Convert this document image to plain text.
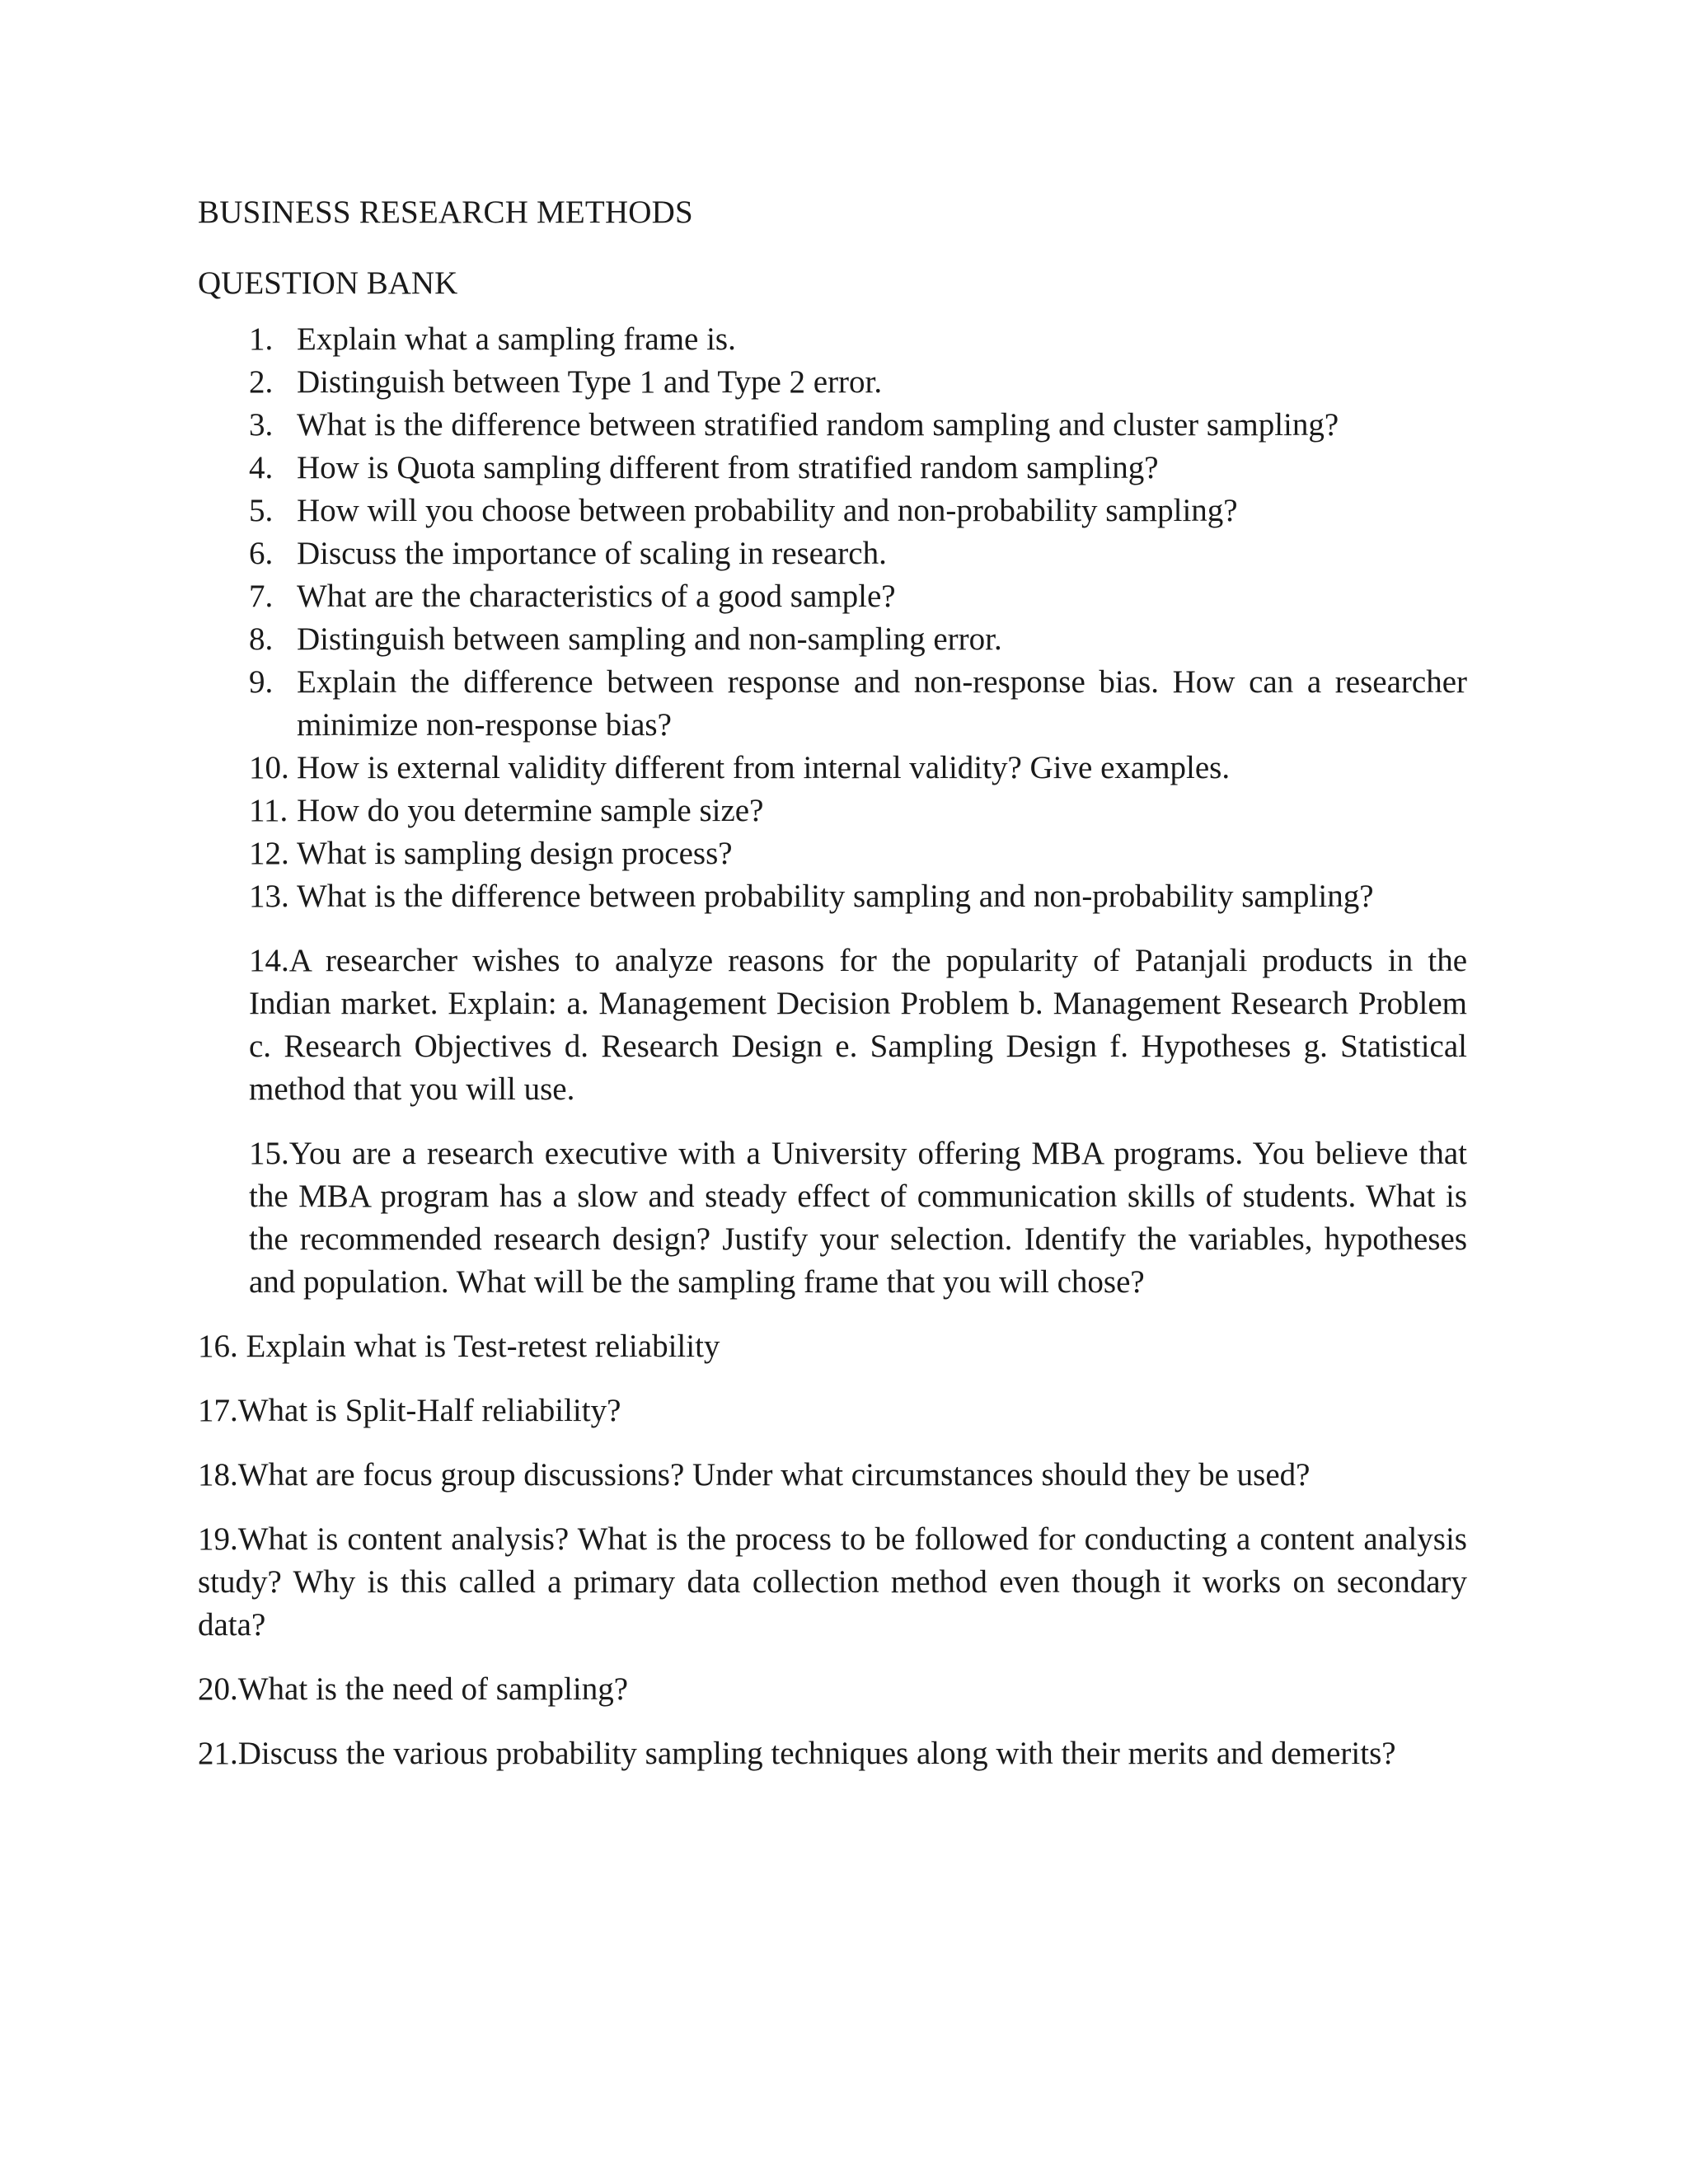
BUSINESS RESEARCH METHODS
QUESTION BANK
1. Explain what a sampling frame is.
2. Distinguish between Type 1 and Type 2 error.
3. What is the difference between stratified random sampling and cluster sampling?
4. How is Quota sampling different from stratified random sampling?
5. How will you choose between probability and non-probability sampling?
6. Discuss the importance of scaling in research.
7. What are the characteristics of a good sample?
8. Distinguish between sampling and non-sampling error.
9. Explain the difference between response and non-response bias. How can a researcher minimize non-response bias?
10. How is external validity different from internal validity? Give examples.
11. How do you determine sample size?
12. What is sampling design process?
13. What is the difference between probability sampling and non-probability sampling?

14.A researcher wishes to analyze reasons for the popularity of Patanjali products in the Indian market. Explain: a. Management Decision Problem b. Management Research Problem c. Research Objectives d. Research Design e. Sampling Design f. Hypotheses g. Statistical method that you will use.

15.You are a research executive with a University offering MBA programs. You believe that the MBA program has a slow and steady effect of communication skills of students. What is the recommended research design? Justify your selection. Identify the variables, hypotheses and population. What will be the sampling frame that you will chose?

16. Explain what is Test-retest reliability

17.What is Split-Half reliability?

18.What are focus group discussions? Under what circumstances should they be used?

19.What is content analysis? What is the process to be followed for conducting a content analysis study? Why is this called a primary data collection method even though it works on secondary data?

20.What is the need of sampling?

21.Discuss the various probability sampling techniques along with their merits and demerits?
